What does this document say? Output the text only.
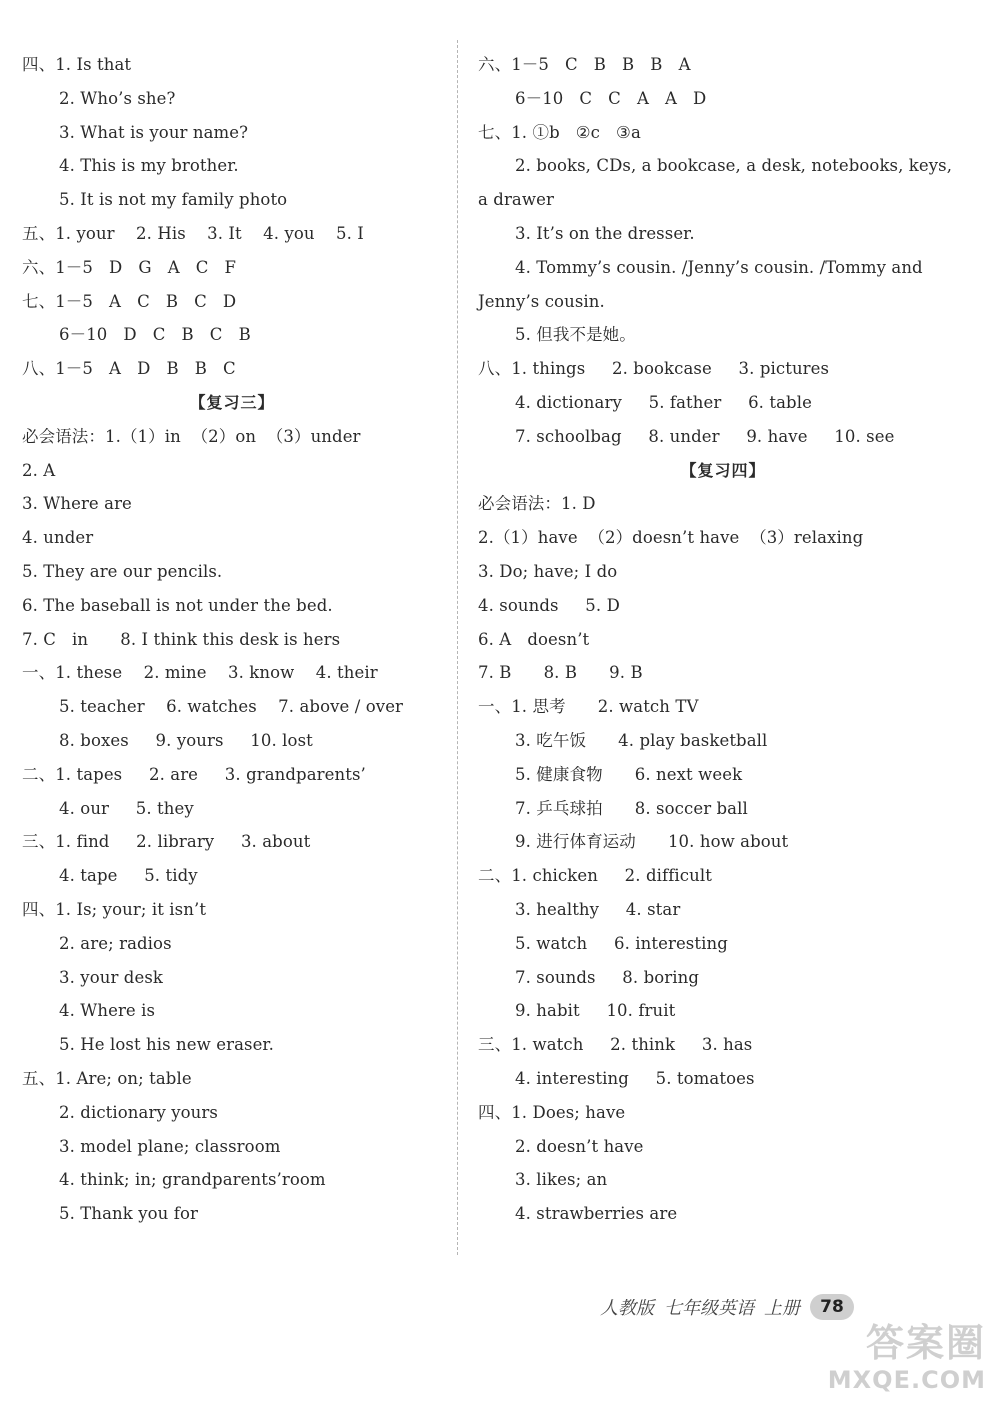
四、1. Is that
2. Who’s she?
3. What is your name?
4. This is my brother.
5. It is not my family photo
五、1. your    2. His    3. It    4. you    5. I
六、1－5   D   G   A   C   F
七、1－5   A   C   B   C   D
6－10   D   C   B   C   B
八、1－5   A   D   B   B   C
【复习三】
必会语法：1.（1）in  （2）on  （3）under
2. A
3. Where are
4. under
5. They are our pencils.
6. The baseball is not under the bed.
7. C   in      8. I think this desk is hers
一、1. these    2. mine    3. know    4. their
5. teacher    6. watches    7. above / over
8. boxes     9. yours     10. lost
二、1. tapes     2. are     3. grandparents’
4. our     5. they
三、1. find     2. library     3. about
4. tape     5. tidy
四、1. Is; your; it isn’t
2. are; radios
3. your desk
4. Where is
5. He lost his new eraser.
五、1. Are; on; table
2. dictionary yours
3. model plane; classroom
4. think; in; grandparents’room
5. Thank you for
六、1－5   C   B   B   B   A
6－10   C   C   A   A   D
七、1. ①b   ②c   ③a
2. books, CDs, a bookcase, a desk, notebooks, keys,
a drawer
3. It’s on the dresser.
4. Tommy’s cousin. /Jenny’s cousin. /Tommy and
Jenny’s cousin.
5. 但我不是她。
八、1. things     2. bookcase     3. pictures
4. dictionary     5. father     6. table
7. schoolbag     8. under     9. have     10. see
【复习四】
必会语法：1. D
2.（1）have  （2）doesn’t have  （3）relaxing
3. Do; have; I do
4. sounds     5. D
6. A   doesn’t
7. B      8. B      9. B
一、1. 思考      2. watch TV
3. 吃午饭      4. play basketball
5. 健康食物      6. next week
7. 乒乓球拍      8. soccer ball
9. 进行体育运动      10. how about
二、1. chicken     2. difficult
3. healthy     4. star
5. watch     6. interesting
7. sounds     8. boring
9. habit     10. fruit
三、1. watch     2. think     3. has
4. interesting     5. tomatoes
四、1. Does; have
2. doesn’t have
3. likes; an
4. strawberries are
人教版 七年级英语 上册	78
答案圈
MXQE.COM
